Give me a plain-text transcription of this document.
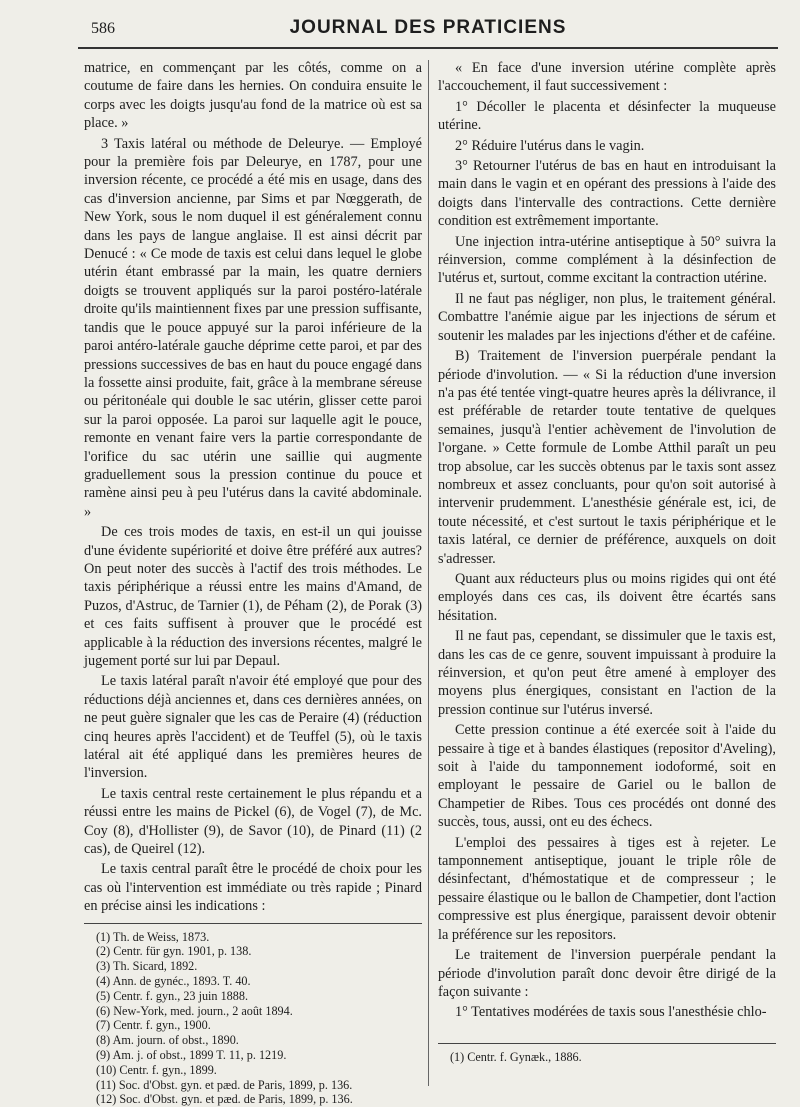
586	JOURNAL DES PRATICIENS

matrice, en commençant par les côtés, comme on a coutume de faire dans les hernies. On conduira ensuite le corps avec les doigts jusqu'au fond de la matrice où est sa place. »

3 Taxis latéral ou méthode de Deleurye. — Employé pour la première fois par Deleurye, en 1787, pour une inversion récente, ce procédé a été mis en usage, dans des cas d'inversion ancienne, par Sims et par Nœggerath, de New York, sous le nom duquel il est généralement connu dans les pays de langue anglaise. Il est ainsi décrit par Denucé : « Ce mode de taxis est celui dans lequel le globe utérin étant embrassé par la main, les quatre derniers doigts se trouvent appliqués sur la paroi postéro-latérale droite qu'ils maintiennent fixes par une pression suffisante, tandis que le pouce appuyé sur la paroi inférieure de la paroi antéro-latérale gauche déprime cette paroi, et par des pressions successives de bas en haut du pouce engagé dans la fossette ainsi produite, fait, grâce à la membrane séreuse ou péritonéale qui double le sac utérin, glisser cette paroi sur la paroi opposée. La paroi sur laquelle agit le pouce, remonte en venant faire vers la partie correspondante de l'orifice du sac utérin une saillie qui augmente graduellement sous la pression continue du pouce et ramène ainsi peu à peu l'utérus dans la cavité abdominale. »

De ces trois modes de taxis, en est-il un qui jouisse d'une évidente supériorité et doive être préféré aux autres? On peut noter des succès à l'actif des trois méthodes. Le taxis périphérique a réussi entre les mains d'Amand, de Puzos, d'Astruc, de Tarnier (1), de Péham (2), de Porak (3) et ces faits suffisent à prouver que le procédé est applicable à la réduction des inversions récentes, malgré le jugement porté sur lui par Depaul.

Le taxis latéral paraît n'avoir été employé que pour des réductions déjà anciennes et, dans ces dernières années, on ne peut guère signaler que les cas de Peraire (4) (réduction cinq heures après l'accident) et de Teuffel (5), où le taxis latéral ait été appliqué dans les premières heures de l'inversion.

Le taxis central reste certainement le plus répandu et a réussi entre les mains de Pickel (6), de Vogel (7), de Mc. Coy (8), d'Hollister (9), de Savor (10), de Pinard (11) (2 cas), de Queirel (12).

Le taxis central paraît être le procédé de choix pour les cas où l'intervention est immédiate ou très rapide ; Pinard en précise ainsi les indications :

(1) Th. de Weiss, 1873.
(2) Centr. für gyn. 1901, p. 138.
(3) Th. Sicard, 1892.
(4) Ann. de gynéc., 1893. T. 40.
(5) Centr. f. gyn., 23 juin 1888.
(6) New-York, med. journ., 2 août 1894.
(7) Centr. f. gyn., 1900.
(8) Am. journ. of obst., 1890.
(9) Am. j. of obst., 1899 T. 11, p. 1219.
(10) Centr. f. gyn., 1899.
(11) Soc. d'Obst. gyn. et pæd. de Paris, 1899, p. 136.
(12) Soc. d'Obst. gyn. et pæd. de Paris, 1899, p. 136.

« En face d'une inversion utérine complète après l'accouchement, il faut successivement :

1° Décoller le placenta et désinfecter la muqueuse utérine.

2° Réduire l'utérus dans le vagin.

3° Retourner l'utérus de bas en haut en introduisant la main dans le vagin et en opérant des pressions à l'aide des doigts dans l'intervalle des contractions. Cette dernière condition est extrêmement importante.

Une injection intra-utérine antiseptique à 50° suivra la réinversion, comme complément à la désinfection de l'utérus et, surtout, comme excitant la contraction utérine.

Il ne faut pas négliger, non plus, le traitement général. Combattre l'anémie aigue par les injections de sérum et soutenir les malades par les injections d'éther et de caféine.

B) Traitement de l'inversion puerpérale pendant la période d'involution. — « Si la réduction d'une inversion n'a pas été tentée vingt-quatre heures après la délivrance, il est préférable de retarder toute tentative de quelques semaines, jusqu'à l'entier achèvement de l'involution de l'organe. » Cette formule de Lombe Atthil paraît un peu trop absolue, car les succès obtenus par le taxis sont assez nombreux et assez concluants, pour qu'on soit autorisé à intervenir prudemment. L'anesthésie générale est, ici, de toute nécessité, et c'est surtout le taxis périphérique et le taxis latéral, ce dernier de préférence, auxquels on doit s'adresser.

Quant aux réducteurs plus ou moins rigides qui ont été employés dans ces cas, ils doivent être écartés sans hésitation.

Il ne faut pas, cependant, se dissimuler que le taxis est, dans les cas de ce genre, souvent impuissant à produire la réinversion, et qu'on peut être amené à employer des moyens plus énergiques, consistant en l'action de la pression continue sur l'utérus inversé.

Cette pression continue a été exercée soit à l'aide du pessaire à tige et à bandes élastiques (repositor d'Aveling), soit à l'aide du tamponnement iodoformé, soit en employant le pessaire de Gariel ou le ballon de Champetier de Ribes. Tous ces procédés ont donné des succès, tous, aussi, ont eu des échecs.

L'emploi des pessaires à tiges est à rejeter. Le tamponnement antiseptique, jouant le triple rôle de désinfectant, d'hémostatique et de compresseur ; le pessaire élastique ou le ballon de Champetier, dont l'action compressive est plus énergique, paraissent devoir obtenir la préférence sur les repositors.

Le traitement de l'inversion puerpérale pendant la période d'involution paraît donc devoir être dirigé de la façon suivante :

1° Tentatives modérées de taxis sous l'anesthésie chlo-

(1) Centr. f. Gynæk., 1886.
